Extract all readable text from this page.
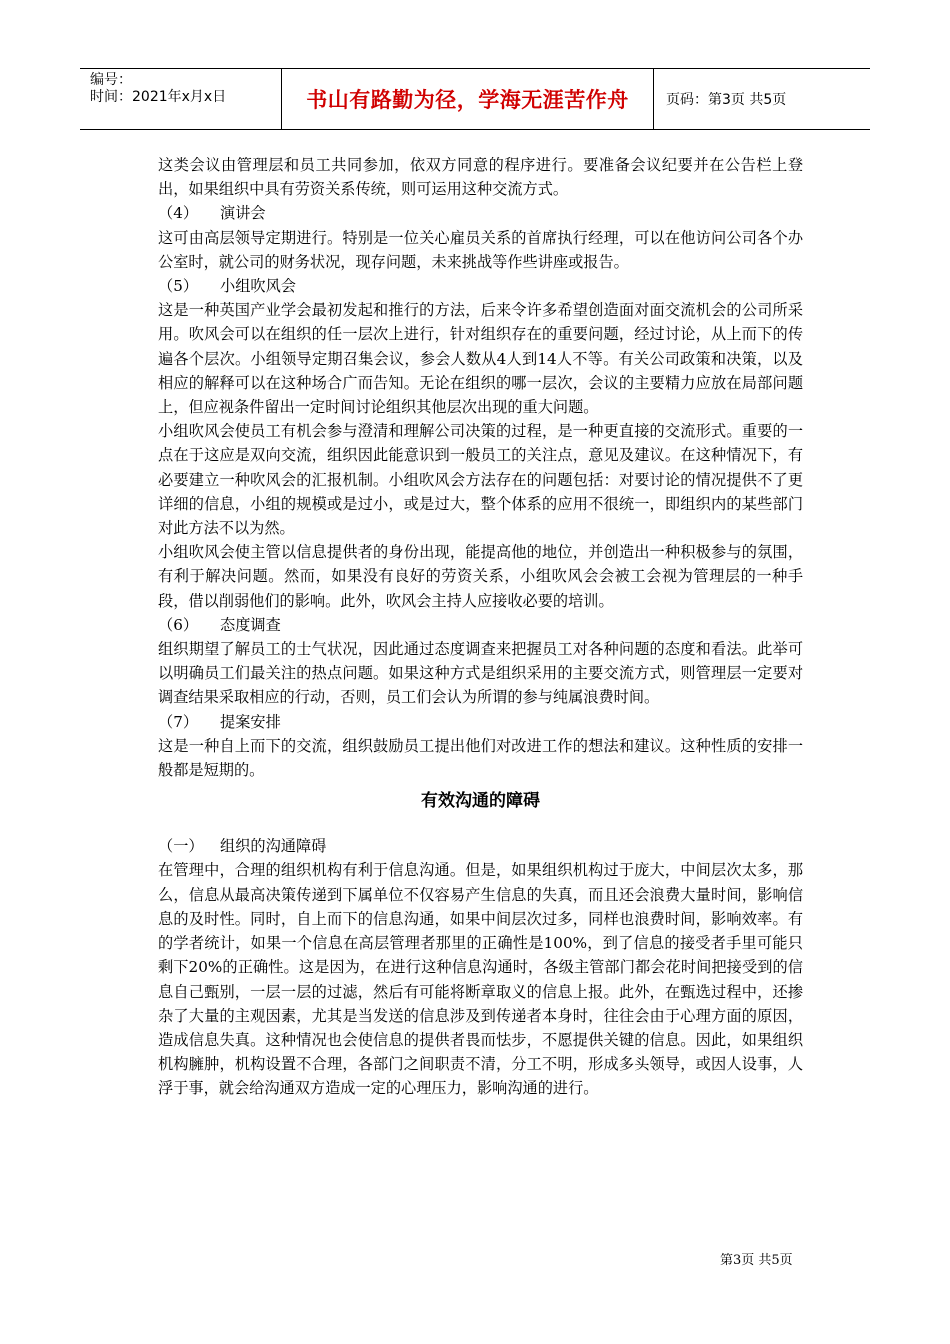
编号：
时间：2021年x月x日	书山有路勤为径，学海无涯苦作舟	页码：第3页 共5页

这类会议由管理层和员工共同参加，依双方同意的程序进行。要准备会议纪要并在公告栏上登出，如果组织中具有劳资关系传统，则可运用这种交流方式。

（4） 演讲会

这可由高层领导定期进行。特别是一位关心雇员关系的首席执行经理，可以在他访问公司各个办公室时，就公司的财务状况，现存问题，未来挑战等作些讲座或报告。

（5） 小组吹风会

这是一种英国产业学会最初发起和推行的方法，后来令许多希望创造面对面交流机会的公司所采用。吹风会可以在组织的任一层次上进行，针对组织存在的重要问题，经过讨论，从上而下的传遍各个层次。小组领导定期召集会议，参会人数从4人到14人不等。有关公司政策和决策，以及相应的解释可以在这种场合广而告知。无论在组织的哪一层次，会议的主要精力应放在局部问题上，但应视条件留出一定时间讨论组织其他层次出现的重大问题。

小组吹风会使员工有机会参与澄清和理解公司决策的过程，是一种更直接的交流形式。重要的一点在于这应是双向交流，组织因此能意识到一般员工的关注点，意见及建议。在这种情况下，有必要建立一种吹风会的汇报机制。小组吹风会方法存在的问题包括：对要讨论的情况提供不了更详细的信息，小组的规模或是过小，或是过大，整个体系的应用不很统一，即组织内的某些部门对此方法不以为然。

小组吹风会使主管以信息提供者的身份出现，能提高他的地位，并创造出一种积极参与的氛围，有利于解决问题。然而，如果没有良好的劳资关系，小组吹风会会被工会视为管理层的一种手段，借以削弱他们的影响。此外，吹风会主持人应接收必要的培训。

（6） 态度调查

组织期望了解员工的士气状况，因此通过态度调查来把握员工对各种问题的态度和看法。此举可以明确员工们最关注的热点问题。如果这种方式是组织采用的主要交流方式，则管理层一定要对调查结果采取相应的行动，否则，员工们会认为所谓的参与纯属浪费时间。

（7） 提案安排

这是一种自上而下的交流，组织鼓励员工提出他们对改进工作的想法和建议。这种性质的安排一般都是短期的。

有效沟通的障碍
（一） 组织的沟通障碍

在管理中，合理的组织机构有利于信息沟通。但是，如果组织机构过于庞大，中间层次太多，那么，信息从最高决策传递到下属单位不仅容易产生信息的失真，而且还会浪费大量时间，影响信息的及时性。同时，自上而下的信息沟通，如果中间层次过多，同样也浪费时间，影响效率。有的学者统计，如果一个信息在高层管理者那里的正确性是100%，到了信息的接受者手里可能只剩下20%的正确性。这是因为，在进行这种信息沟通时，各级主管部门都会花时间把接受到的信息自己甄别，一层一层的过滤，然后有可能将断章取义的信息上报。此外，在甄选过程中，还掺杂了大量的主观因素，尤其是当发送的信息涉及到传递者本身时，往往会由于心理方面的原因，造成信息失真。这种情况也会使信息的提供者畏而怯步，不愿提供关键的信息。因此，如果组织机构臃肿，机构设置不合理，各部门之间职责不清，分工不明，形成多头领导，或因人设事，人浮于事，就会给沟通双方造成一定的心理压力，影响沟通的进行。

第3页 共5页
